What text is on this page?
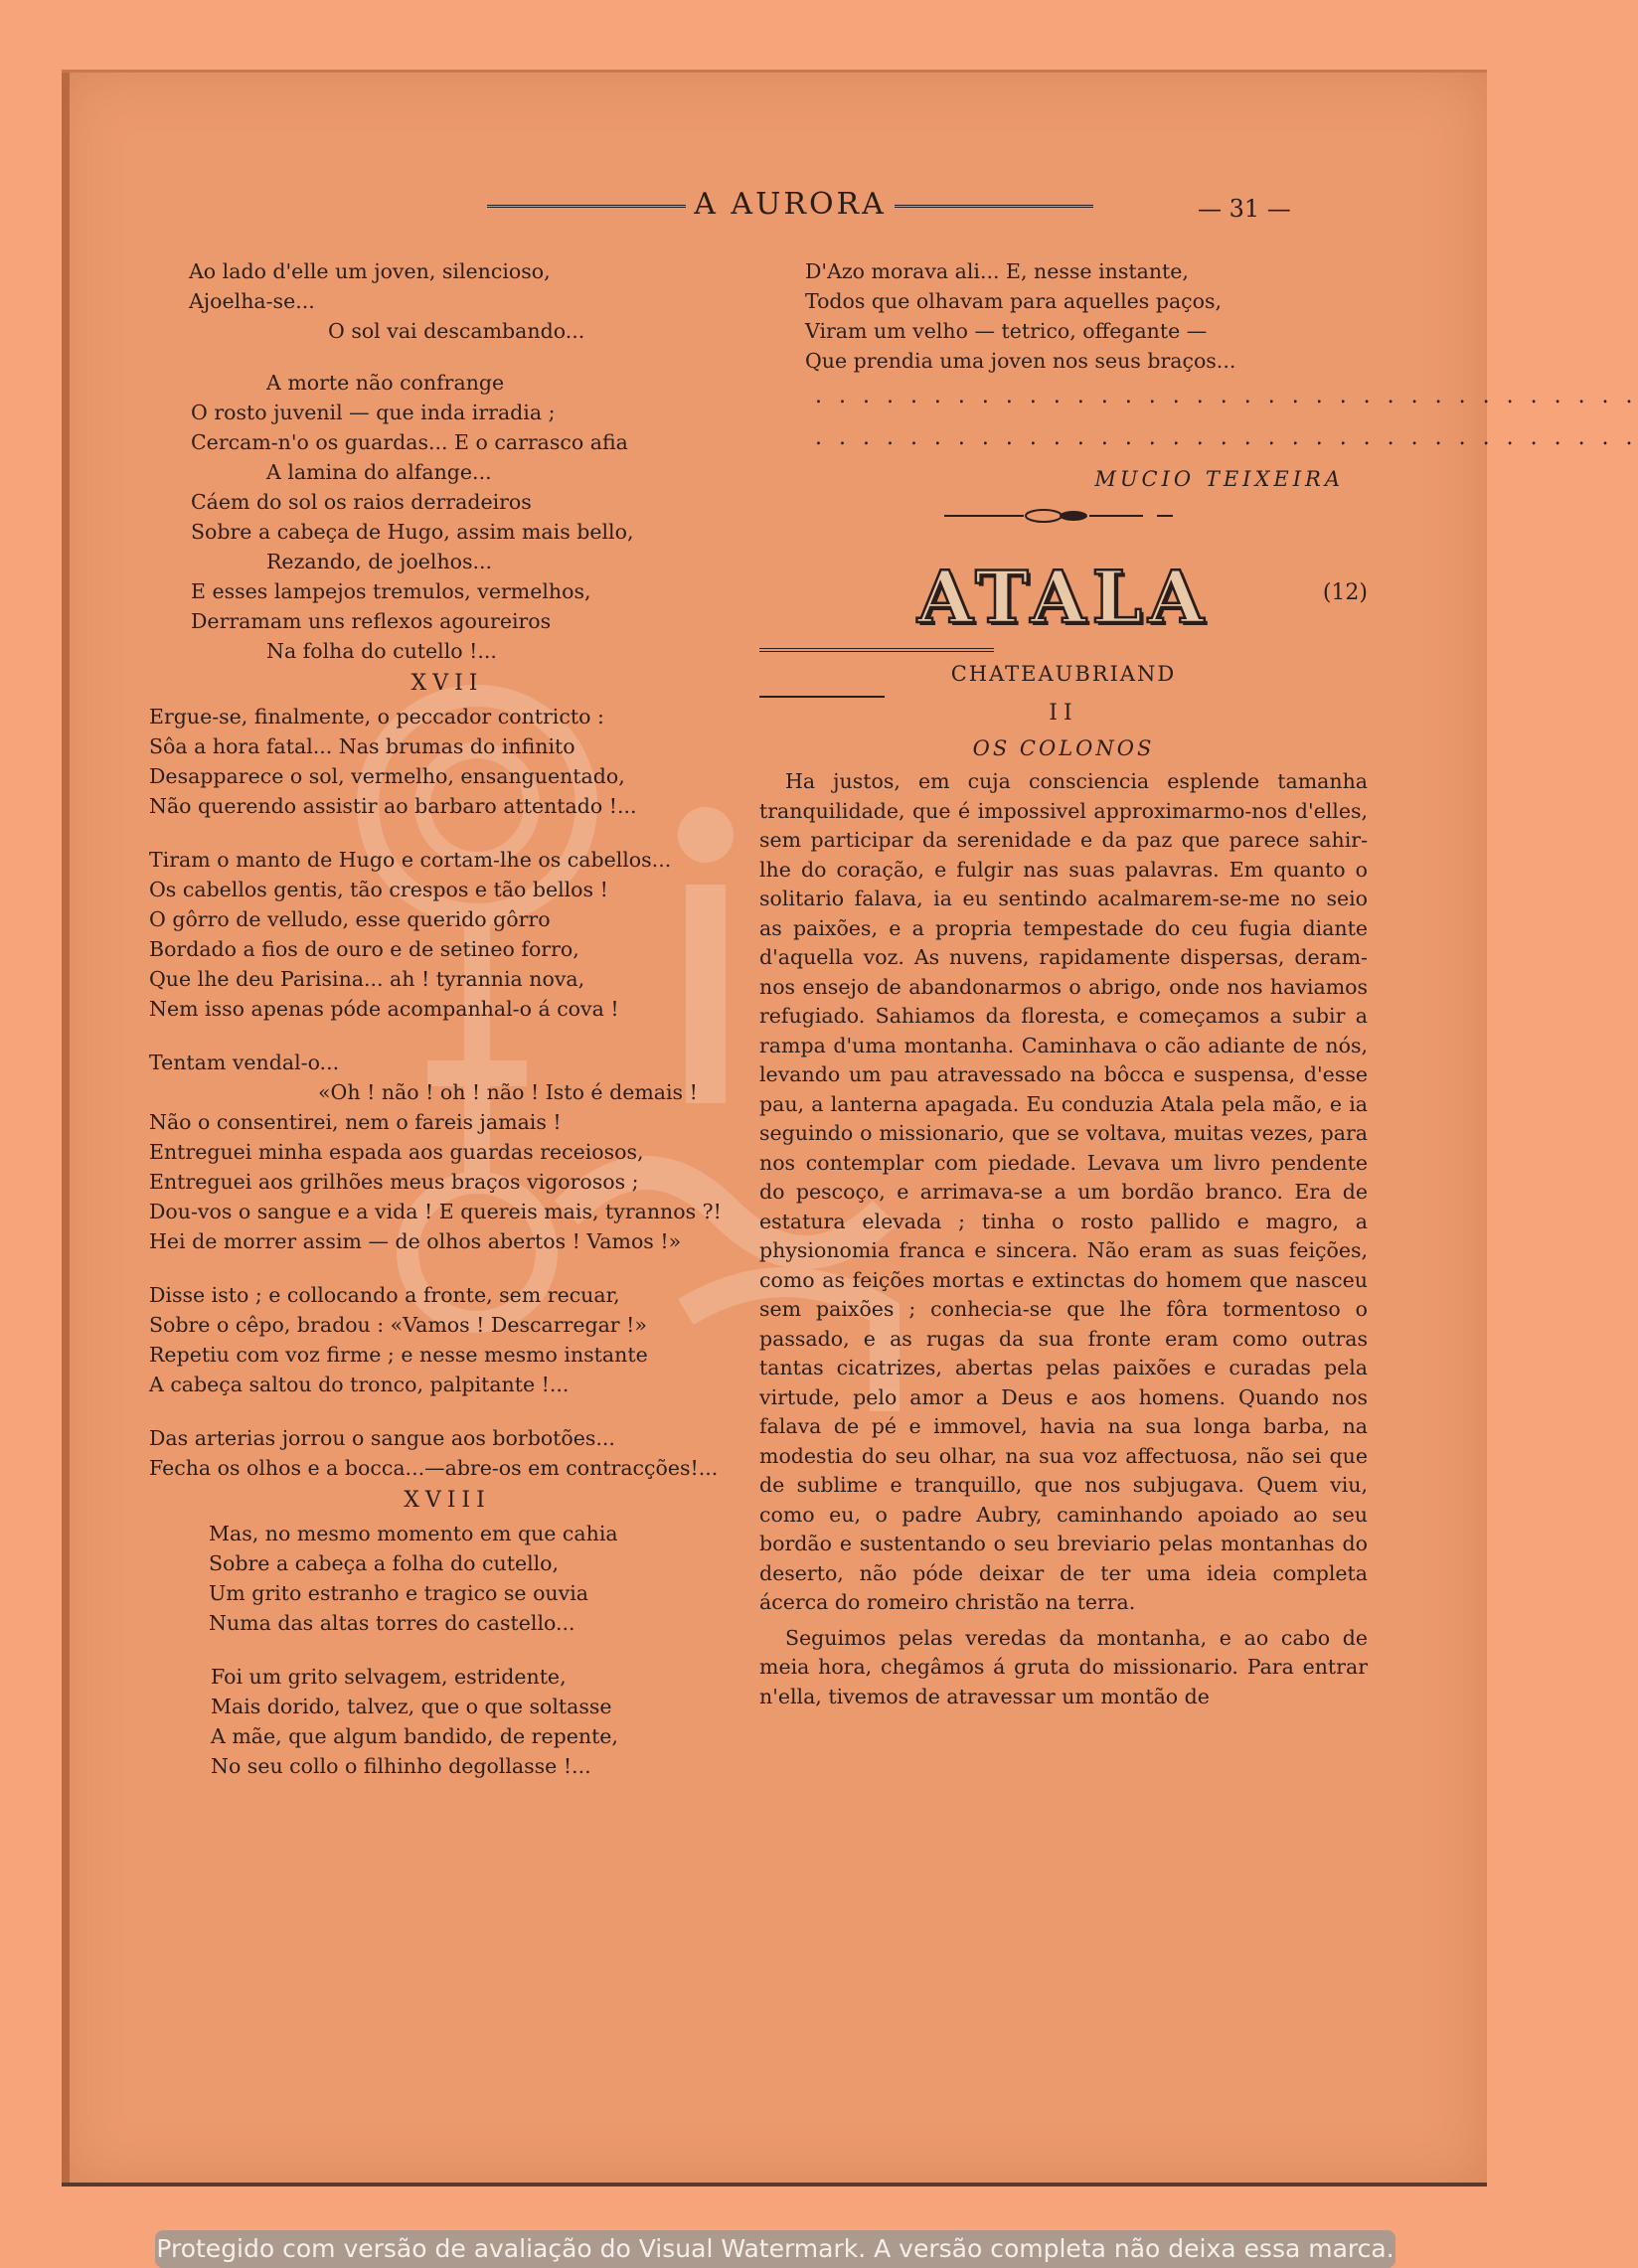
A AURORA	— 31 —
Ao lado d'elle um joven, silencioso,
Ajoelha-se...
O sol vai descambando...
A morte não confrange
O rosto juvenil — que inda irradia ;
Cercam-n'o os guardas... E o carrasco afia
A lamina do alfange...
Cáem do sol os raios derradeiros
Sobre a cabeça de Hugo, assim mais bello,
Rezando, de joelhos...
E esses lampejos tremulos, vermelhos,
Derramam uns reflexos agoureiros
Na folha do cutello !...
XVII
Ergue-se, finalmente, o peccador contricto :
Sôa a hora fatal... Nas brumas do infinito
Desapparece o sol, vermelho, ensanguentado,
Não querendo assistir ao barbaro attentado !...
Tiram o manto de Hugo e cortam-lhe os cabellos...
Os cabellos gentis, tão crespos e tão bellos !
O gôrro de velludo, esse querido gôrro
Bordado a fios de ouro e de setineo forro,
Que lhe deu Parisina... ah ! tyrannia nova,
Nem isso apenas póde acompanhal-o á cova !
Tentam vendal-o...
«Oh ! não ! oh ! não ! Isto é demais !
Não o consentirei, nem o fareis jamais !
Entreguei minha espada aos guardas receiosos,
Entreguei aos grilhões meus braços vigorosos ;
Dou-vos o sangue e a vida ! E quereis mais, tyrannos ?!
Hei de morrer assim — de olhos abertos ! Vamos !»
Disse isto ; e collocando a fronte, sem recuar,
Sobre o cêpo, bradou : «Vamos ! Descarregar !»
Repetiu com voz firme ; e nesse mesmo instante
A cabeça saltou do tronco, palpitante !...
Das arterias jorrou o sangue aos borbotões...
Fecha os olhos e a bocca...—abre-os em contracções!...
XVIII
Mas, no mesmo momento em que cahia
Sobre a cabeça a folha do cutello,
Um grito estranho e tragico se ouvia
Numa das altas torres do castello...
Foi um grito selvagem, estridente,
Mais dorido, talvez, que o que soltasse
A mãe, que algum bandido, de repente,
No seu collo o filhinho degollasse !...
D'Azo morava ali... E, nesse instante,
Todos que olhavam para aquelles paços,
Viram um velho — tetrico, offegante —
Que prendia uma joven nos seus braços...
. . . . . . . . . . . . . . . . . . . . . . . . . . . . . . . . . . .
. . . . . . . . . . . . . . . . . . . . . . . . . . . . . . . . . . .
MUCIO TEIXEIRA
ATALA	(12)
CHATEAUBRIAND
II
OS COLONOS

Ha justos, em cuja consciencia esplende tamanha tranquilidade, que é impossivel approximarmo-nos d'elles, sem participar da serenidade e da paz que parece sahir-lhe do coração, e fulgir nas suas palavras. Em quanto o solitario falava, ia eu sentindo acalmarem-se-me no seio as paixões, e a propria tempestade do ceu fugia diante d'aquella voz. As nuvens, rapidamente dispersas, deram-nos ensejo de abandonarmos o abrigo, onde nos haviamos refugiado. Sahiamos da floresta, e começamos a subir a rampa d'uma montanha. Caminhava o cão adiante de nós, levando um pau atravessado na bôcca e suspensa, d'esse pau, a lanterna apagada. Eu conduzia Atala pela mão, e ia seguindo o missionario, que se voltava, muitas vezes, para nos contemplar com piedade. Levava um livro pendente do pescoço, e arrimava-se a um bordão branco. Era de estatura elevada ; tinha o rosto pallido e magro, a physionomia franca e sincera. Não eram as suas feições, como as feições mortas e extinctas do homem que nasceu sem paixões ; conhecia-se que lhe fôra tormentoso o passado, e as rugas da sua fronte eram como outras tantas cicatrizes, abertas pelas paixões e curadas pela virtude, pelo amor a Deus e aos homens. Quando nos falava de pé e immovel, havia na sua longa barba, na modestia do seu olhar, na sua voz affectuosa, não sei que de sublime e tranquillo, que nos subjugava. Quem viu, como eu, o padre Aubry, caminhando apoiado ao seu bordão e sustentando o seu breviario pelas montanhas do deserto, não póde deixar de ter uma ideia completa ácerca do romeiro christão na terra.

Seguimos pelas veredas da montanha, e ao cabo de meia hora, chegâmos á gruta do missionario. Para entrar n'ella, tivemos de atravessar um montão de

Protegido com versão de avaliação do Visual Watermark. A versão completa não deixa essa marca.
